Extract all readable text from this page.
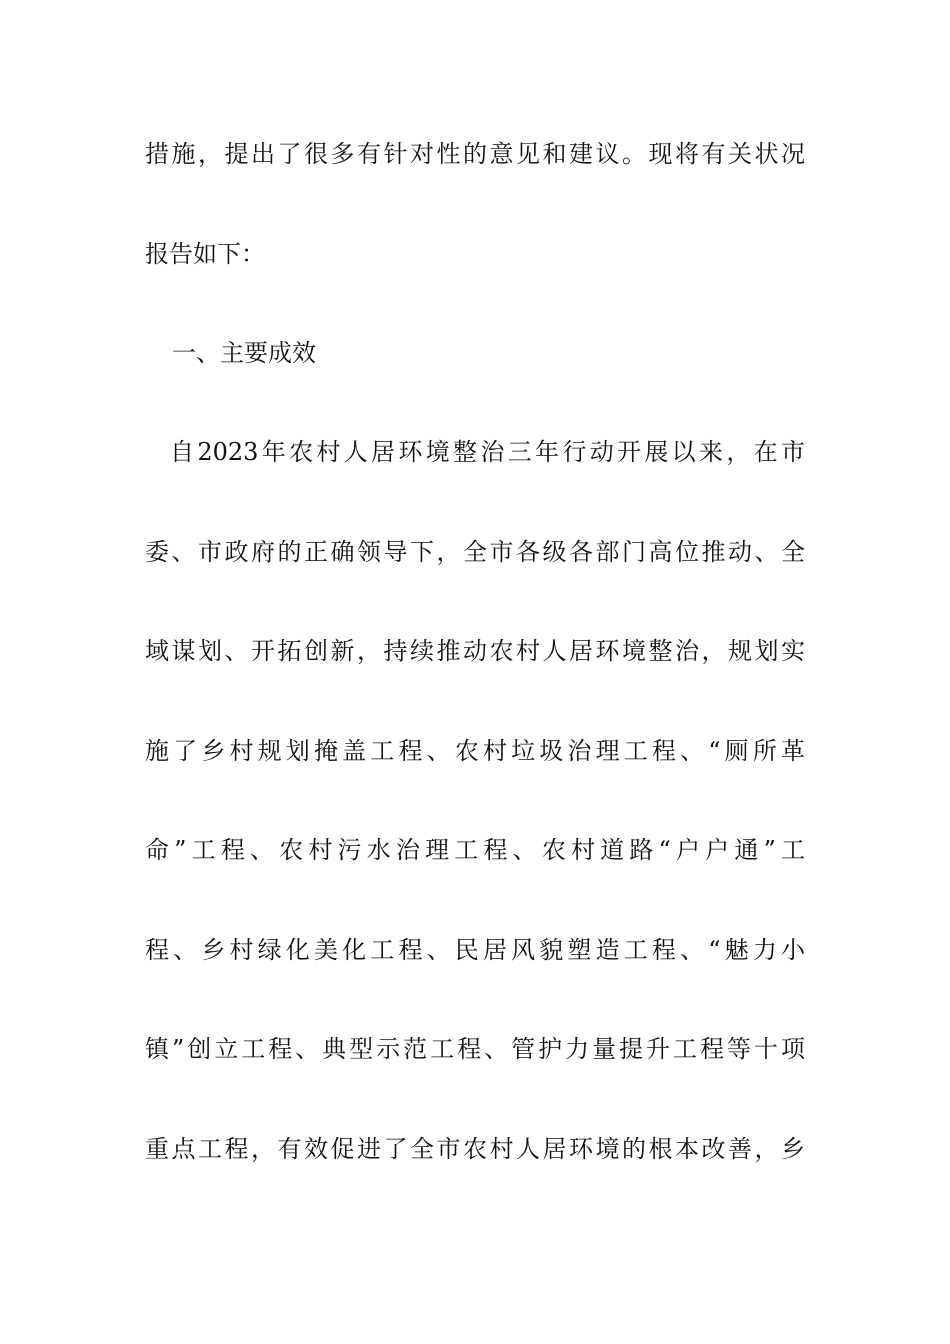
措施，提出了很多有针对性的意见和建议。现将有关状况
报告如下：
一、主要成效
自2023年农村人居环境整治三年行动开展以来，在市
委、市政府的正确领导下，全市各级各部门高位推动、全
域谋划、开拓创新，持续推动农村人居环境整治，规划实
施了乡村规划掩盖工程、农村垃圾治理工程、“厕所革
命”工程、农村污水治理工程、农村道路“户户通”工
程、乡村绿化美化工程、民居风貌塑造工程、“魅力小
镇”创立工程、典型示范工程、管护力量提升工程等十项
重点工程，有效促进了全市农村人居环境的根本改善，乡
